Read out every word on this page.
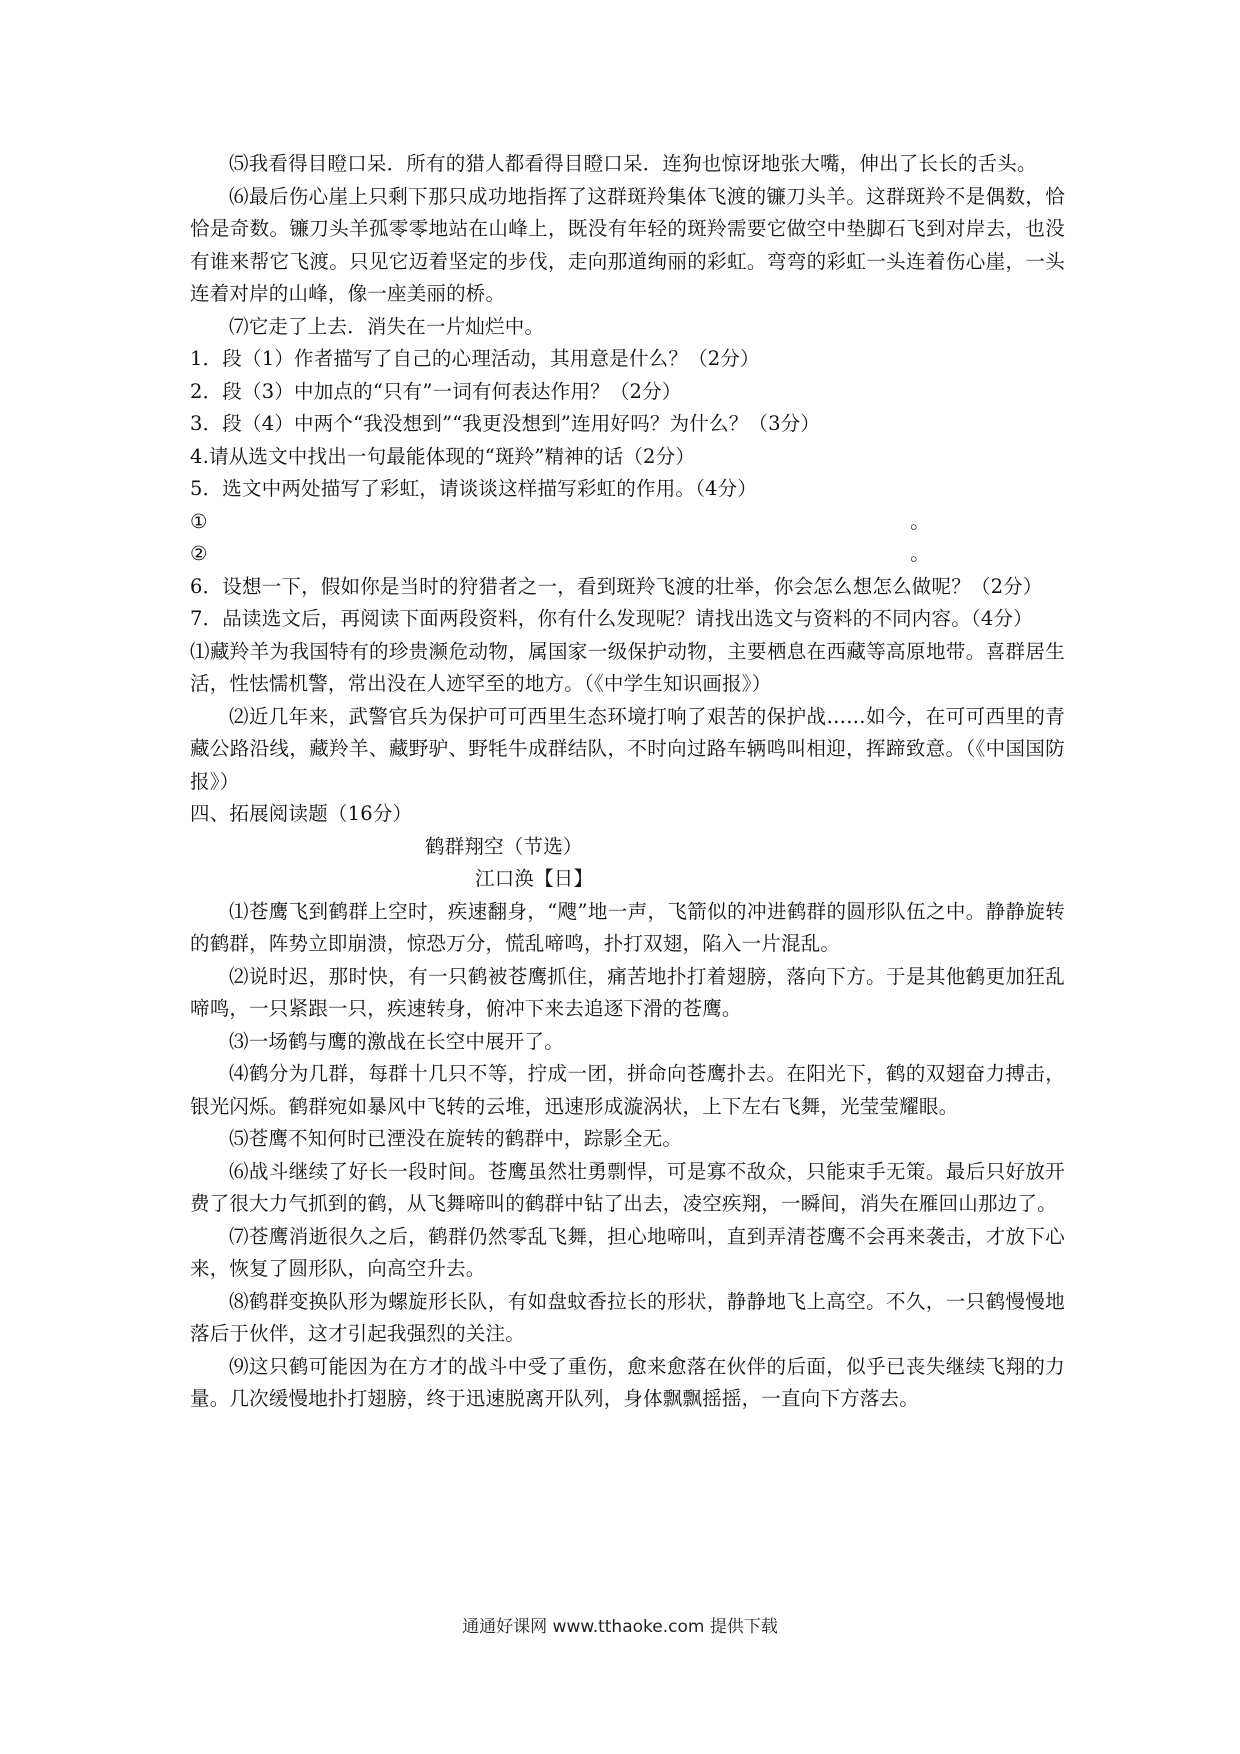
⑸我看得目瞪口呆．所有的猎人都看得目瞪口呆．连狗也惊讶地张大嘴，伸出了长长的舌头。

⑹最后伤心崖上只剩下那只成功地指挥了这群斑羚集体飞渡的镰刀头羊。这群斑羚不是偶数，恰恰是奇数。镰刀头羊孤零零地站在山峰上，既没有年轻的斑羚需要它做空中垫脚石飞到对岸去，也没有谁来帮它飞渡。只见它迈着坚定的步伐，走向那道绚丽的彩虹。弯弯的彩虹一头连着伤心崖，一头连着对岸的山峰，像一座美丽的桥。

⑺它走了上去．消失在一片灿烂中。

1．段（1）作者描写了自己的心理活动，其用意是什么？（2分）

2．段（3）中加点的“只有”一词有何表达作用？（2分）

3．段（4）中两个“我没想到”“我更没想到”连用好吗？为什么？（3分）

4.请从选文中找出一句最能体现的“斑羚”精神的话（2分）

5．选文中两处描写了彩虹，请谈谈这样描写彩虹的作用。（4分）

①	。
②	。

6．设想一下，假如你是当时的狩猎者之一，看到斑羚飞渡的壮举，你会怎么想怎么做呢？（2分）

7．品读选文后，再阅读下面两段资料，你有什么发现呢？请找出选文与资料的不同内容。（4分）

⑴藏羚羊为我国特有的珍贵濒危动物，属国家一级保护动物，主要栖息在西藏等高原地带。喜群居生活，性怯懦机警，常出没在人迹罕至的地方。（《中学生知识画报》）

⑵近几年来，武警官兵为保护可可西里生态环境打响了艰苦的保护战……如今，在可可西里的青藏公路沿线，藏羚羊、藏野驴、野牦牛成群结队，不时向过路车辆鸣叫相迎，挥蹄致意。（《中国国防报》）

四、拓展阅读题（16分）

鹤群翔空（节选）

江口涣【日】

⑴苍鹰飞到鹤群上空时，疾速翻身，“飕”地一声，飞箭似的冲进鹤群的圆形队伍之中。静静旋转的鹤群，阵势立即崩溃，惊恐万分，慌乱啼鸣，扑打双翅，陷入一片混乱。

⑵说时迟，那时快，有一只鹤被苍鹰抓住，痛苦地扑打着翅膀，落向下方。于是其他鹤更加狂乱啼鸣，一只紧跟一只，疾速转身，俯冲下来去追逐下滑的苍鹰。

⑶一场鹤与鹰的激战在长空中展开了。

⑷鹤分为几群，每群十几只不等，拧成一团，拼命向苍鹰扑去。在阳光下，鹤的双翅奋力搏击，银光闪烁。鹤群宛如暴风中飞转的云堆，迅速形成漩涡状，上下左右飞舞，光莹莹耀眼。

⑸苍鹰不知何时已湮没在旋转的鹤群中，踪影全无。

⑹战斗继续了好长一段时间。苍鹰虽然壮勇剽悍，可是寡不敌众，只能束手无策。最后只好放开费了很大力气抓到的鹤，从飞舞啼叫的鹤群中钻了出去，凌空疾翔，一瞬间，消失在雁回山那边了。

⑺苍鹰消逝很久之后，鹤群仍然零乱飞舞，担心地啼叫，直到弄清苍鹰不会再来袭击，才放下心来，恢复了圆形队，向高空升去。

⑻鹤群变换队形为螺旋形长队，有如盘蚊香拉长的形状，静静地飞上高空。不久，一只鹤慢慢地落后于伙伴，这才引起我强烈的关注。

⑼这只鹤可能因为在方才的战斗中受了重伤，愈来愈落在伙伴的后面，似乎已丧失继续飞翔的力量。几次缓慢地扑打翅膀，终于迅速脱离开队列，身体飘飘摇摇，一直向下方落去。

通通好课网 www.tthaoke.com 提供下载
